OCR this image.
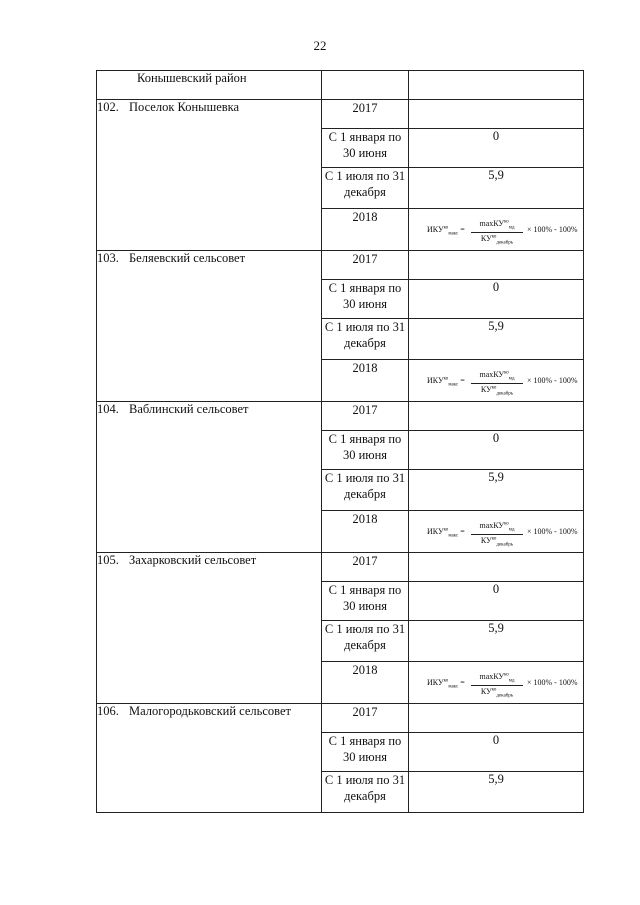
22
Конышевский район		
102. Поселок Конышевка	2017	
	С 1 января по 30 июня	0
	С 1 июля по 31 декабря	5,9
	2018	$ИКУ^{ко}_{макс}$ =
maxКУ$^{ко}_{мд}$
$КУ^{ко}_{декабрь}$
× 100% - 100%

103. Беляевский сельсовет	2017	
	С 1 января по 30 июня	0
	С 1 июля по 31 декабря	5,9
	2018	$ИКУ^{ко}_{макс}$ =
maxКУ$^{ко}_{мд}$
$КУ^{ко}_{декабрь}$
× 100% - 100%

104. Ваблинский сельсовет	2017	
	С 1 января по 30 июня	0
	С 1 июля по 31 декабря	5,9
	2018	$ИКУ^{ко}_{макс}$ =
maxКУ$^{ко}_{мд}$
$КУ^{ко}_{декабрь}$
× 100% - 100%

105. Захарковский сельсовет	2017	
	С 1 января по 30 июня	0
	С 1 июля по 31 декабря	5,9
	2018	$ИКУ^{ко}_{макс}$ =
maxКУ$^{ко}_{мд}$
$КУ^{ко}_{декабрь}$
× 100% - 100%

106. Малогородьковский сельсовет	2017	
	С 1 января по 30 июня	0
	С 1 июля по 31 декабря	5,9
